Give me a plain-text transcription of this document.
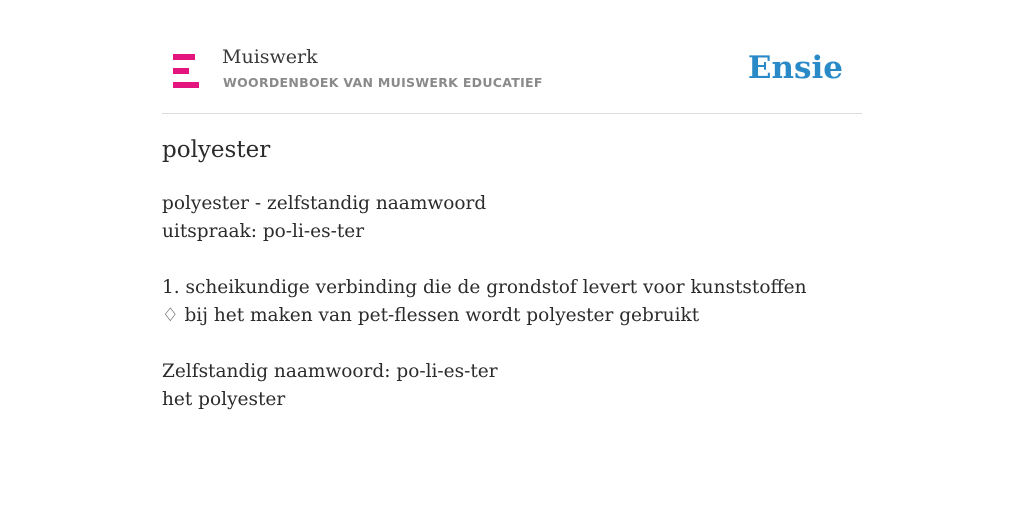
Muiswerk
WOORDENBOEK VAN MUISWERK EDUCATIEF	Ensie
polyester
polyester - zelfstandig naamwoord
uitspraak: po-li-es-ter
1. scheikundige verbinding die de grondstof levert voor kunststoffen
♢ bij het maken van pet-flessen wordt polyester gebruikt
Zelfstandig naamwoord: po-li-es-ter
het polyester
